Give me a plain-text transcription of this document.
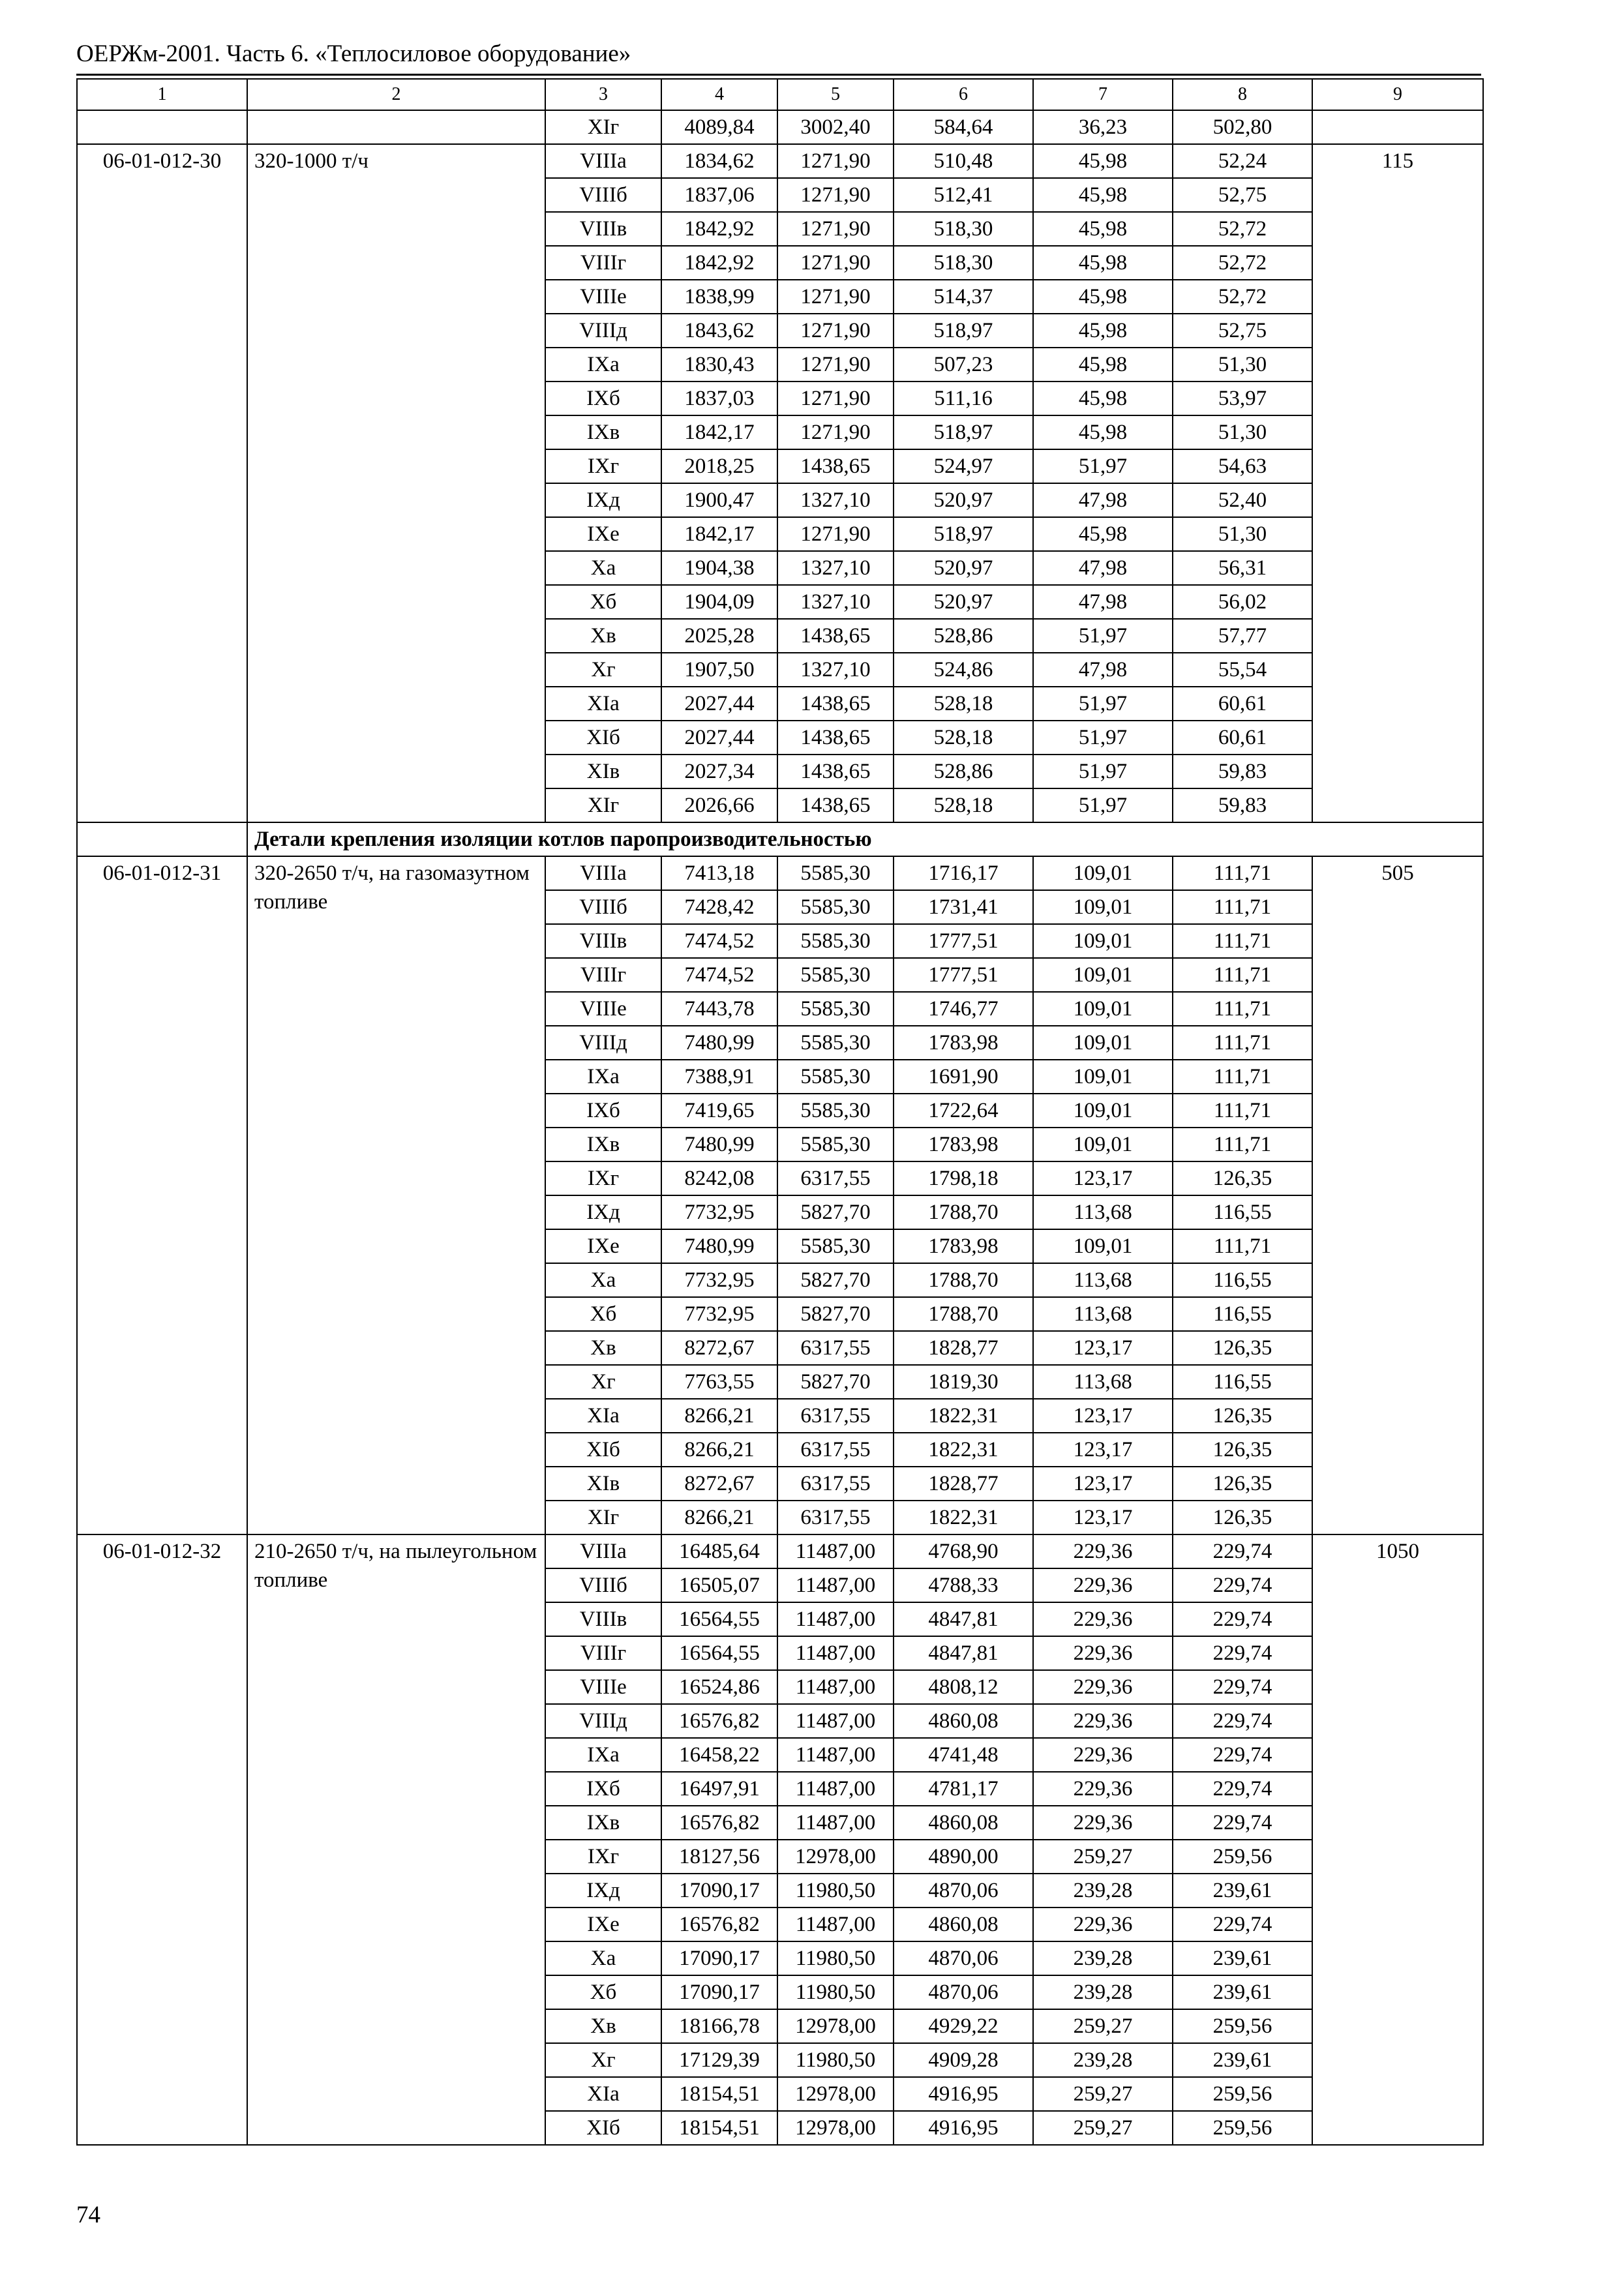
ОЕРЖм-2001. Часть 6. «Теплосиловое оборудование»
1	2	3	4	5	6	7	8	9
		XIг	4089,84	3002,40	584,64	36,23	502,80	
06-01-012-30	320-1000 т/ч	VIIIа	1834,62	1271,90	510,48	45,98	52,24	115
		VIIIб	1837,06	1271,90	512,41	45,98	52,75	
		VIIIв	1842,92	1271,90	518,30	45,98	52,72	
		VIIIг	1842,92	1271,90	518,30	45,98	52,72	
		VIIIе	1838,99	1271,90	514,37	45,98	52,72	
		VIIIд	1843,62	1271,90	518,97	45,98	52,75	
		IXа	1830,43	1271,90	507,23	45,98	51,30	
		IXб	1837,03	1271,90	511,16	45,98	53,97	
		IXв	1842,17	1271,90	518,97	45,98	51,30	
		IXг	2018,25	1438,65	524,97	51,97	54,63	
		IXд	1900,47	1327,10	520,97	47,98	52,40	
		IXе	1842,17	1271,90	518,97	45,98	51,30	
		Xа	1904,38	1327,10	520,97	47,98	56,31	
		Xб	1904,09	1327,10	520,97	47,98	56,02	
		Xв	2025,28	1438,65	528,86	51,97	57,77	
		Xг	1907,50	1327,10	524,86	47,98	55,54	
		XIа	2027,44	1438,65	528,18	51,97	60,61	
		XIб	2027,44	1438,65	528,18	51,97	60,61	
		XIв	2027,34	1438,65	528,86	51,97	59,83	
		XIг	2026,66	1438,65	528,18	51,97	59,83	
	Детали крепления изоляции котлов паропроизводительностью							
06-01-012-31	320-2650 т/ч, на газомазутном топливе	VIIIа	7413,18	5585,30	1716,17	109,01	111,71	505
		VIIIб	7428,42	5585,30	1731,41	109,01	111,71	
		VIIIв	7474,52	5585,30	1777,51	109,01	111,71	
		VIIIг	7474,52	5585,30	1777,51	109,01	111,71	
		VIIIе	7443,78	5585,30	1746,77	109,01	111,71	
		VIIIд	7480,99	5585,30	1783,98	109,01	111,71	
		IXа	7388,91	5585,30	1691,90	109,01	111,71	
		IXб	7419,65	5585,30	1722,64	109,01	111,71	
		IXв	7480,99	5585,30	1783,98	109,01	111,71	
		IXг	8242,08	6317,55	1798,18	123,17	126,35	
		IXд	7732,95	5827,70	1788,70	113,68	116,55	
		IXе	7480,99	5585,30	1783,98	109,01	111,71	
		Xа	7732,95	5827,70	1788,70	113,68	116,55	
		Xб	7732,95	5827,70	1788,70	113,68	116,55	
		Xв	8272,67	6317,55	1828,77	123,17	126,35	
		Xг	7763,55	5827,70	1819,30	113,68	116,55	
		XIа	8266,21	6317,55	1822,31	123,17	126,35	
		XIб	8266,21	6317,55	1822,31	123,17	126,35	
		XIв	8272,67	6317,55	1828,77	123,17	126,35	
		XIг	8266,21	6317,55	1822,31	123,17	126,35	
06-01-012-32	210-2650 т/ч, на пылеугольном топливе	VIIIа	16485,64	11487,00	4768,90	229,36	229,74	1050
		VIIIб	16505,07	11487,00	4788,33	229,36	229,74	
		VIIIв	16564,55	11487,00	4847,81	229,36	229,74	
		VIIIг	16564,55	11487,00	4847,81	229,36	229,74	
		VIIIе	16524,86	11487,00	4808,12	229,36	229,74	
		VIIIд	16576,82	11487,00	4860,08	229,36	229,74	
		IXа	16458,22	11487,00	4741,48	229,36	229,74	
		IXб	16497,91	11487,00	4781,17	229,36	229,74	
		IXв	16576,82	11487,00	4860,08	229,36	229,74	
		IXг	18127,56	12978,00	4890,00	259,27	259,56	
		IXд	17090,17	11980,50	4870,06	239,28	239,61	
		IXе	16576,82	11487,00	4860,08	229,36	229,74	
		Xа	17090,17	11980,50	4870,06	239,28	239,61	
		Xб	17090,17	11980,50	4870,06	239,28	239,61	
		Xв	18166,78	12978,00	4929,22	259,27	259,56	
		Xг	17129,39	11980,50	4909,28	239,28	239,61	
		XIа	18154,51	12978,00	4916,95	259,27	259,56	
		XIб	18154,51	12978,00	4916,95	259,27	259,56	
74
